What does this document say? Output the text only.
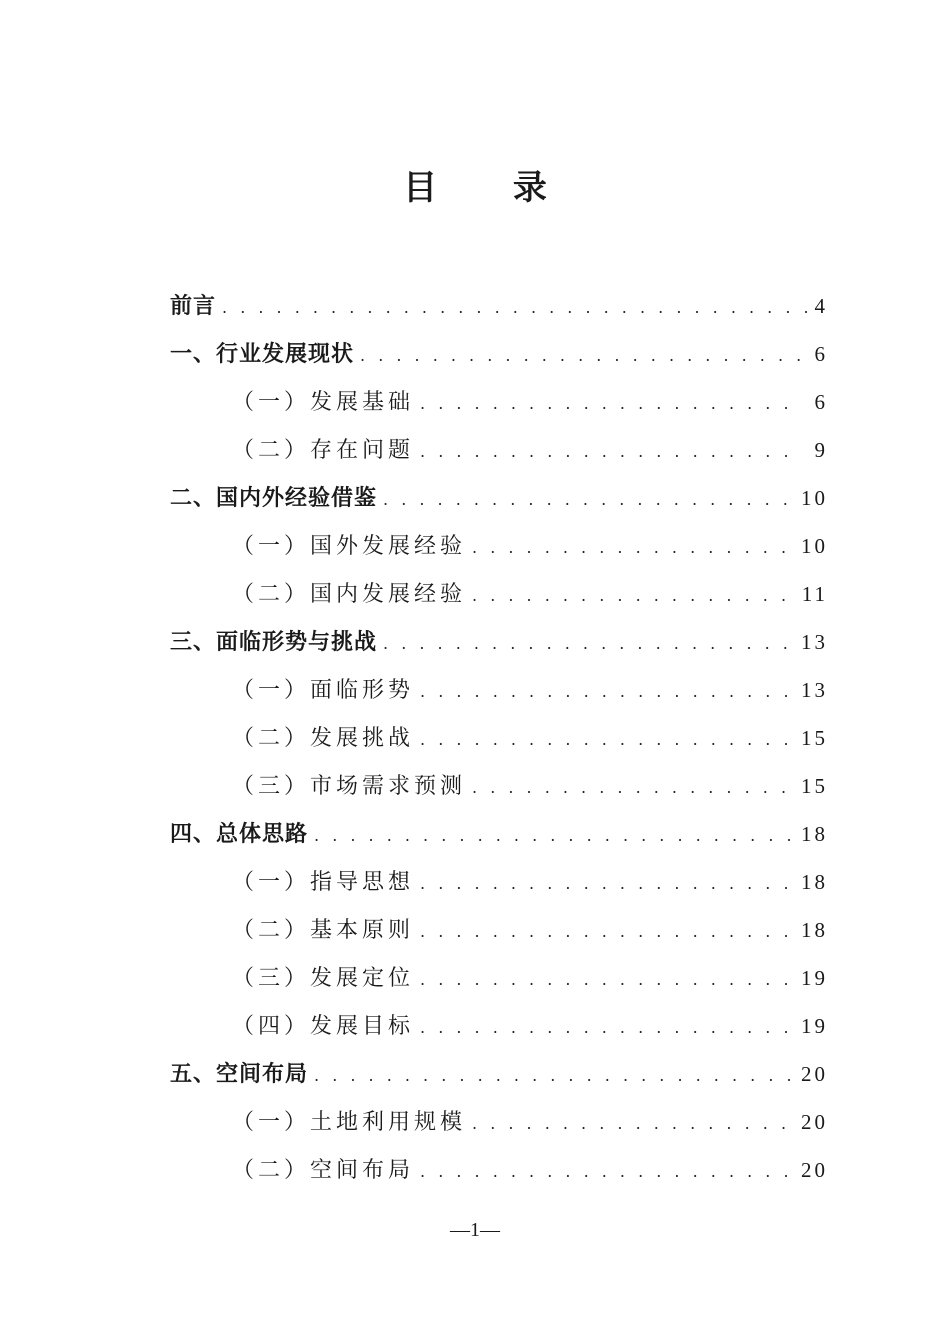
目 录
前言 . . .	4
一、行业发展现状 . . .	6
（一）发展基础 . . .	6
（二）存在问题 . . .	9
二、国内外经验借鉴 . . .	10
（一）国外发展经验 . . .	10
（二）国内发展经验 . . .	11
三、面临形势与挑战 . . .	13
（一）面临形势 . . .	13
（二）发展挑战 . . .	15
（三）市场需求预测 . . .	15
四、总体思路 . . .	18
（一）指导思想 . . .	18
（二）基本原则 . . .	18
（三）发展定位 . . .	19
（四）发展目标 . . .	19
五、空间布局 . . .	20
（一）土地利用规模 . . .	20
（二）空间布局 . . .	20
—1—
